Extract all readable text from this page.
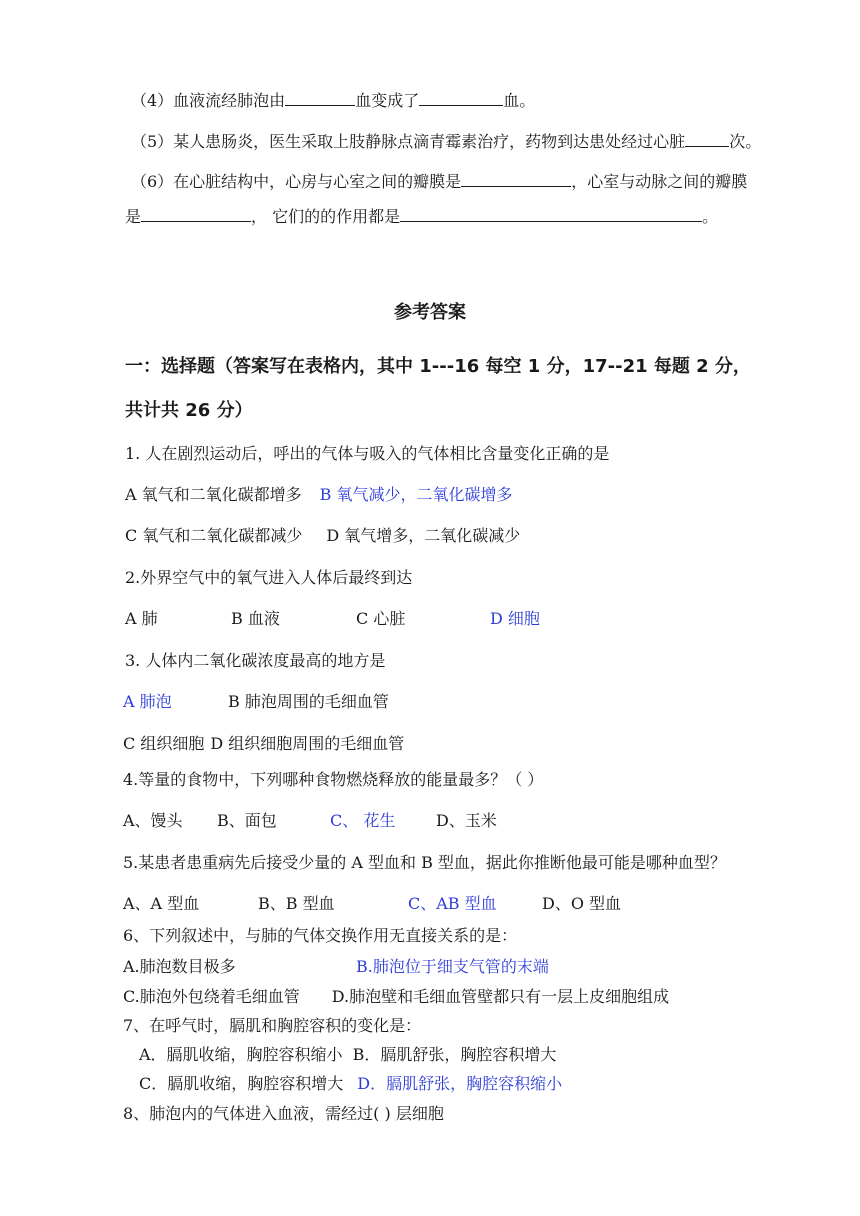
（4）血液流经肺泡由	血变成了	血。
（5）某人患肠炎，医生采取上肢静脉点滴青霉素治疗，药物到达患处经过心脏	次。
（6）在心脏结构中，心房与心室之间的瓣膜是	，心室与动脉之间的瓣膜
是	， 它们的的作用都是	。
参考答案
一：选择题（答案写在表格内，其中 1---16 每空 1 分，17--21 每题 2 分，
共计共 26 分）
1. 人在剧烈运动后，呼出的气体与吸入的气体相比含量变化正确的是
A 氧气和二氧化碳都增多 B 氧气减少，二氧化碳增多
C 氧气和二氧化碳都减少 D 氧气增多，二氧化碳减少
2.外界空气中的氧气进入人体后最终到达
A 肺	B 血液	C 心脏	D 细胞
3. 人体内二氧化碳浓度最高的地方是
A 肺泡	B 肺泡周围的毛细血管
C 组织细胞 D 组织细胞周围的毛细血管
4.等量的食物中，下列哪种食物燃烧释放的能量最多？（ ）
A、馒头 B、面包	C、 花生	D、玉米
5.某患者患重病先后接受少量的 A 型血和 B 型血，据此你推断他最可能是哪种血型？
A、A 型血	B、B 型血	C、AB 型血	D、O 型血
6、下列叙述中，与肺的气体交换作用无直接关系的是：
A.肺泡数目极多	B.肺泡位于细支气管的末端
C.肺泡外包绕着毛细血管 D.肺泡壁和毛细血管壁都只有一层上皮细胞组成
7、在呼气时，膈肌和胸腔容积的变化是：
A．膈肌收缩，胸腔容积缩小 B．膈肌舒张，胸腔容积增大
C．膈肌收缩，胸腔容积增大 D．膈肌舒张，胸腔容积缩小
8、肺泡内的气体进入血液，需经过( ) 层细胞
